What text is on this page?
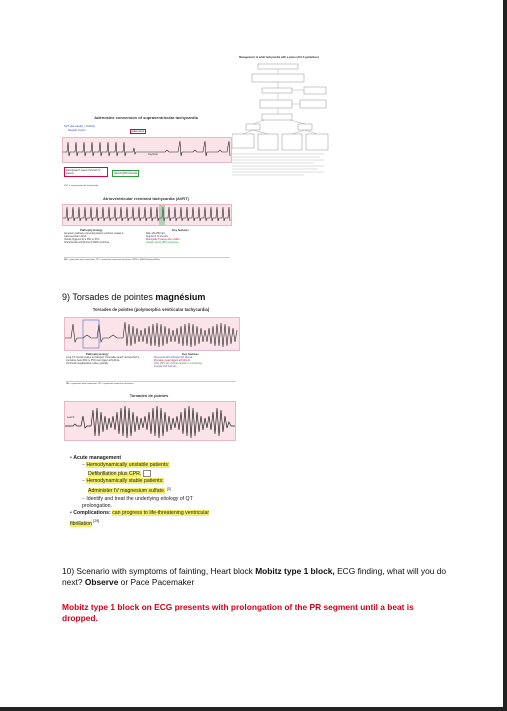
Management of adult tachycardia with a pulse (ACLS guidelines)
Adenosine conversion of supraventricular tachycardia
SVT rate usually > 150/min
Regular rhythm	Adenosine
Asystole
Retrograde P waves (Smooth 'S' waves)	Narrow QRS intervals
SVT = supraventricular tachycardia
Atrioventricular reentrant tachycardia (AVRT)
Pathophysiology	Key features
Accessory pathway connecting atria & ventricles creates a macroreentrant circuit
Usually triggered by a PAC or PVC
Characteristic arrhythmia of WPW syndrome
Rate 140-250 bpm
Regular R-R intervals
Retrograde P waves often visible
Usually narrow QRS complexes
PAC = premature atrial contraction; PVC = premature ventricular contraction; WPW = Wolff-Parkinson-White
9) Torsades de pointes magnésium
Torsades de pointes (polymorphic ventricular tachycardia)
Pathophysiology	Key features
Long QT interval creates a prolonged "vulnerable period" during which a premature beat (PAC or PVC) can trigger arrhythmia
Ventricular depolarization varies cyclically
Sinus beat with prolonged QT interval
Premature beat triggers arrhythmia
Wide QRS with cyclical variation in morphology
Irregular R-R intervals
PAC = premature atrial contraction; PVC = premature ventricular contraction
Torsades de pointes
Lead II
• Acute management
– Hemodynamically unstable patients:
Defibrillation plus CPR.
– Hemodynamically stable patients:
Administer IV magnesium sulfate. [3]
– Identify and treat the underlying etiology of QT prolongation.
• Complications: can progress to life-threatening ventricular fibrillation [29]
10) Scenario with symptoms of fainting, Heart block Mobitz type 1 block, ECG finding, what will you do next? Observe or Pace Pacemaker
Mobitz type 1 block on ECG presents with prolongation of the PR segment until a beat is dropped.
